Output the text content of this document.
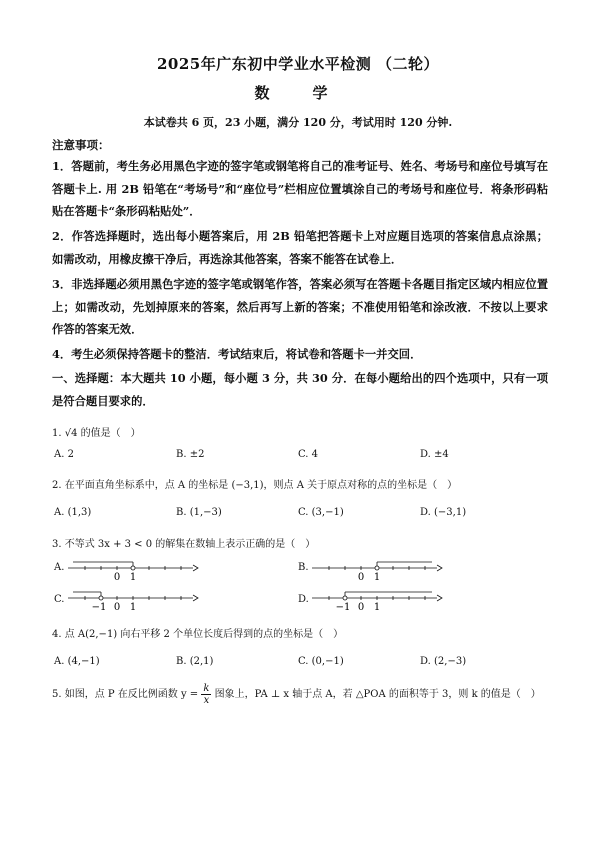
2025年广东初中学业水平检测 （二轮）
数　学
本试卷共 6 页，23 小题，满分 120 分，考试用时 120 分钟.
注意事项：
1．答题前，考生务必用黑色字迹的签字笔或钢笔将自己的准考证号、姓名、考场号和座位号填写在答题卡上. 用 2B 铅笔在“考场号”和“座位号”栏相应位置填涂自己的考场号和座位号．将条形码粘贴在答题卡“条形码粘贴处”．
2．作答选择题时，选出每小题答案后，用 2B 铅笔把答题卡上对应题目选项的答案信息点涂黑；如需改动，用橡皮擦干净后，再选涂其他答案，答案不能答在试卷上．
3．非选择题必须用黑色字迹的签字笔或钢笔作答，答案必须写在答题卡各题目指定区域内相应位置上；如需改动，先划掉原来的答案，然后再写上新的答案；不准使用铅笔和涂改液．不按以上要求作答的答案无效．
4．考生必须保持答题卡的整洁．考试结束后，将试卷和答题卡一并交回．
一、选择题：本大题共 10 小题，每小题 3 分，共 30 分．在每小题给出的四个选项中，只有一项是符合题目要求的．
1. √4 的值是（　）
A. 2	B. ±2	C. 4	D. ±4
2. 在平面直角坐标系中，点 A 的坐标是 (−3,1)，则点 A 关于原点对称的点的坐标是（　）
A. (1,3)	B. (1,−3)	C. (3,−1)	D. (−3,1)
3. 不等式 3x + 3 < 0 的解集在数轴上表示正确的是（　）
A.
0 1
B.
0 1
C.
−1 0 1
D.
−1 0 1
4. 点 A(2,−1) 向右平移 2 个单位长度后得到的点的坐标是（　）
A. (4,−1)	B. (2,1)	C. (0,−1)	D. (2,−3)
5. 如图，点 P 在反比例函数 $y = \frac{k}{x}$ 图象上，PA ⊥ x 轴于点 A，若 △POA 的面积等于 3，则 k 的值是（　）
